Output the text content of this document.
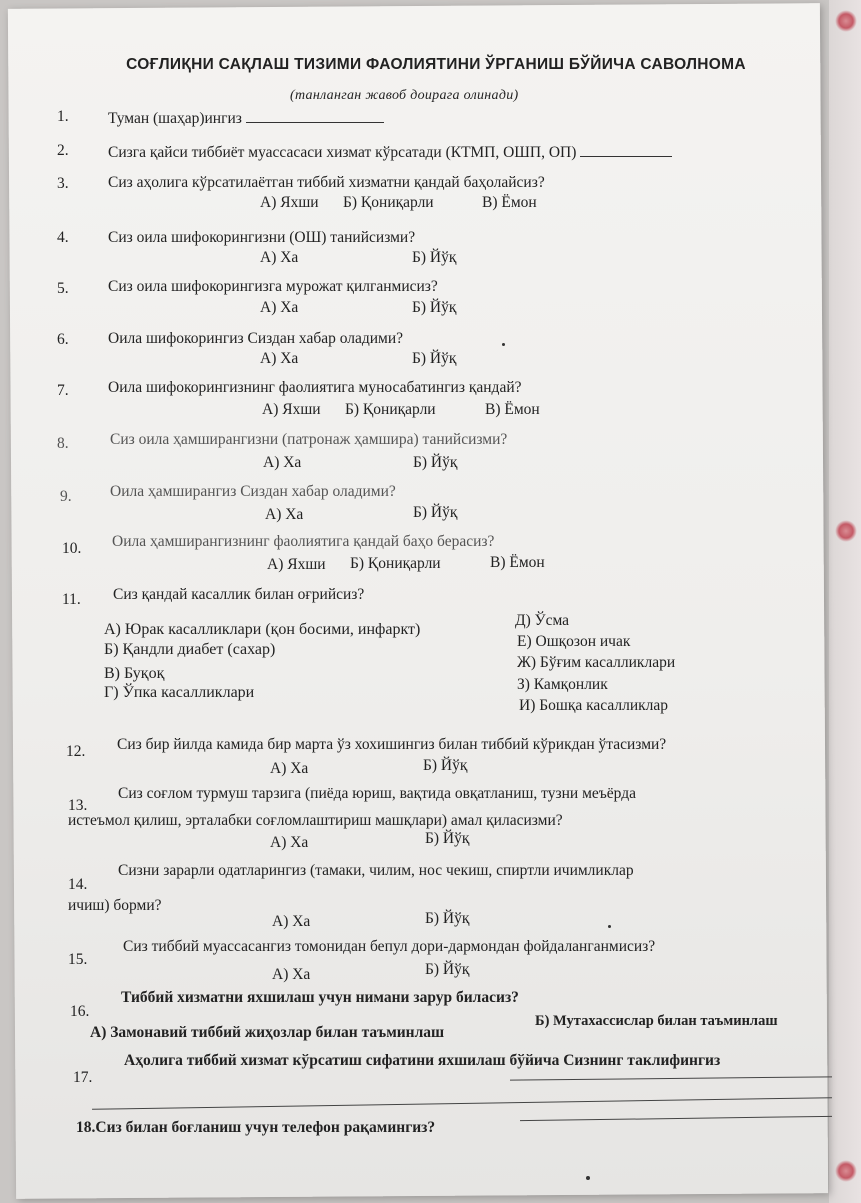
СОҒЛИҚНИ САҚЛАШ ТИЗИМИ ФАОЛИЯТИНИ ЎРГАНИШ БЎЙИЧА САВОЛНОМА
(танланган жавоб доирага олинади)
1.	Туман (шаҳар)ингиз
2.	Сизга қайси тиббиёт муассасаси хизмат кўрсатади (КТМП, ОШП, ОП)
3.	Сиз аҳолига кўрсатилаётган тиббий хизматни қандай баҳолайсиз?
А) Яхши Б) Қониқарли	В) Ёмон
4.	Сиз оила шифокорингизни (ОШ) танийсизми?
А) Ха	Б) Йўқ
5.	Сиз оила шифокорингизга мурожат қилганмисиз?
А) Ха	Б) Йўқ
6.	Оила шифокорингиз Сиздан хабар оладими?
А) Ха	Б) Йўқ
7.	Оила шифокорингизнинг фаолиятига муносабатингиз қандай?
А) Яхши Б) Қониқарли	В) Ёмон
8.	Сиз оила ҳамширангизни (патронаж ҳамшира) танийсизми?
А) Ха	Б) Йўқ
9. Оила ҳамширангиз Сиздан хабар оладими?
А) Ха	Б) Йўқ
10. Оила ҳамширангизнинг фаолиятига қандай баҳо берасиз?
А) Яхши Б) Қониқарли	В) Ёмон
11. Сиз қандай касаллик билан оғрийсиз?
А) Юрак касалликлари (қон босими, инфаркт)
Б) Қандли диабет (сахар)
В) Буқоқ
Г) Ўпка касалликлари
Д) Ўсма
Е) Ошқозон ичак
Ж) Бўғим касалликлари
З) Камқонлик
И) Бошқа касалликлар
12. Сиз бир йилда камида бир марта ўз хохишингиз билан тиббий кўрикдан ўтасизми?
А) Ха	Б) Йўқ
13.
Сиз соғлом турмуш тарзига (пиёда юриш, вақтида овқатланиш, тузни меъёрда
истеъмол қилиш, эрталабки соғломлаштириш машқлари) амал қиласизми?
А) Ха	Б) Йўқ
14.
Сизни зарарли одатларингиз (тамаки, чилим, нос чекиш, спиртли ичимликлар
ичиш) борми?
А) Ха	Б) Йўқ
15.
Сиз тиббий муассасангиз томонидан бепул дори-дармондан фойдаланганмисиз?
А) Ха	Б) Йўқ
16.
Тиббий хизматни яхшилаш учун нимани зарур биласиз?
А) Замонавий тиббий жиҳозлар билан таъминлаш
Б) Мутахассислар билан таъминлаш
17.
Аҳолига тиббий хизмат кўрсатиш сифатини яхшилаш бўйича Сизнинг таклифингиз
18.Сиз билан боғланиш учун телефон рақамингиз?
